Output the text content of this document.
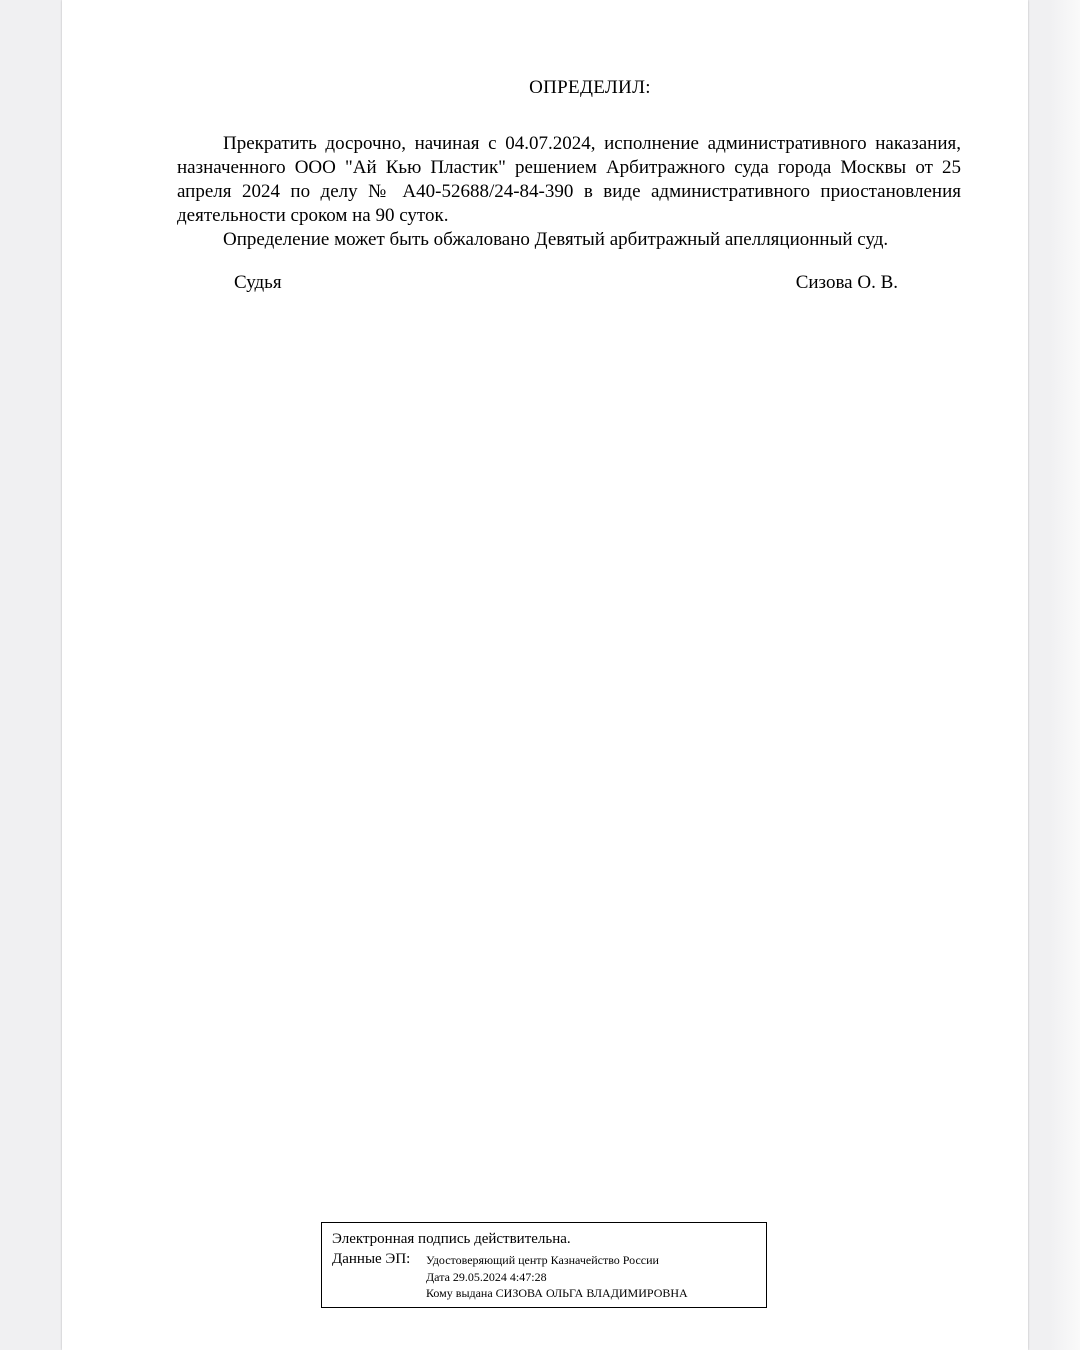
ОПРЕДЕЛИЛ:

Прекратить досрочно, начиная с 04.07.2024, исполнение административного наказания, назначенного ООО "Ай Кью Пластик" решением Арбитражного суда города Москвы от 25 апреля 2024 по делу № А40-52688/24-84-390 в виде административного приостановления деятельности сроком на 90 суток.

Определение может быть обжаловано Девятый арбитражный апелляционный суд.

Судья	Сизова О. В.
Электронная подпись действительна.
Данные ЭП:	Удостоверяющий центр Казначейство России
Дата 29.05.2024 4:47:28
Кому выдана СИЗОВА ОЛЬГА ВЛАДИМИРОВНА
